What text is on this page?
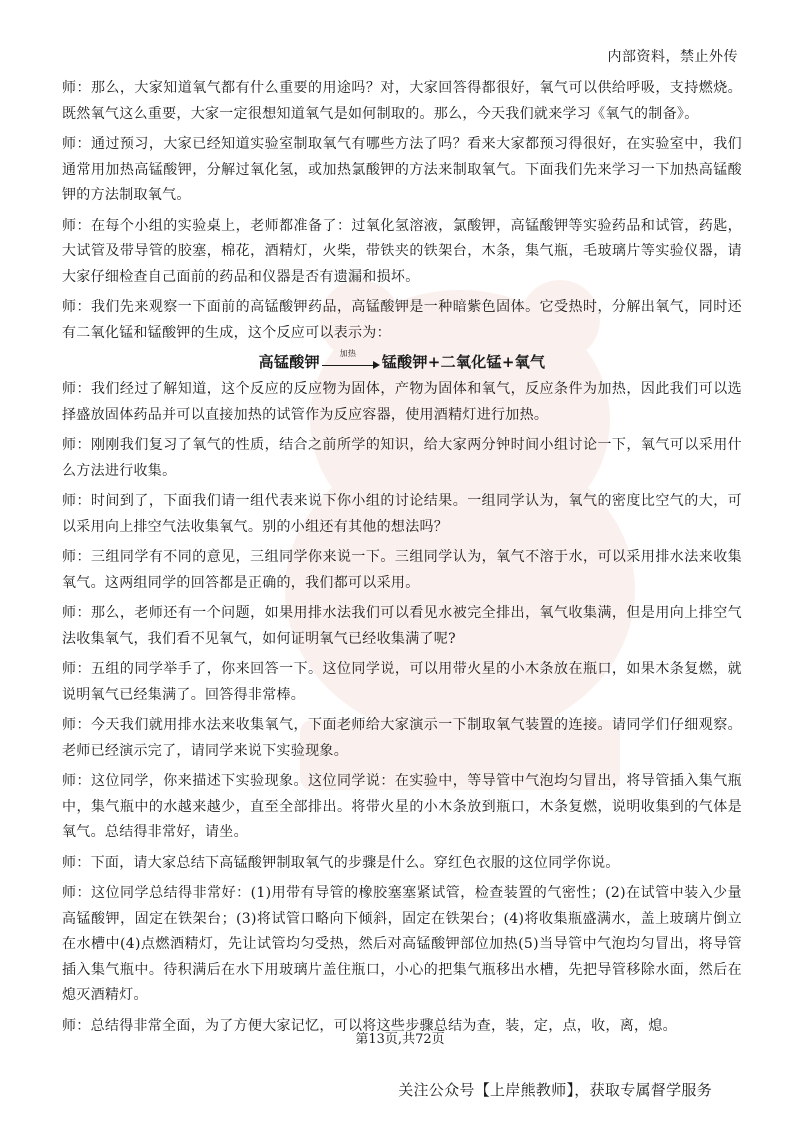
内部资料，禁止外传

师：那么，大家知道氧气都有什么重要的用途吗？对，大家回答得都很好，氧气可以供给呼吸，支持燃烧。既然氧气这么重要，大家一定很想知道氧气是如何制取的。那么，今天我们就来学习《氧气的制备》。

师：通过预习，大家已经知道实验室制取氧气有哪些方法了吗？看来大家都预习得很好，在实验室中，我们通常用加热高锰酸钾，分解过氧化氢，或加热氯酸钾的方法来制取氧气。下面我们先来学习一下加热高锰酸钾的方法制取氧气。

师：在每个小组的实验桌上，老师都准备了：过氧化氢溶液，氯酸钾，高锰酸钾等实验药品和试管，药匙，大试管及带导管的胶塞，棉花，酒精灯，火柴，带铁夹的铁架台，木条，集气瓶，毛玻璃片等实验仪器，请大家仔细检查自己面前的药品和仪器是否有遗漏和损坏。

师：我们先来观察一下面前的高锰酸钾药品，高锰酸钾是一种暗紫色固体。它受热时，分解出氧气，同时还有二氧化锰和锰酸钾的生成，这个反应可以表示为：

高锰酸钾	加热	锰酸钾+二氧化锰+氧气

师：我们经过了解知道，这个反应的反应物为固体，产物为固体和氧气，反应条件为加热，因此我们可以选择盛放固体药品并可以直接加热的试管作为反应容器，使用酒精灯进行加热。

师：刚刚我们复习了氧气的性质，结合之前所学的知识，给大家两分钟时间小组讨论一下，氧气可以采用什么方法进行收集。

师：时间到了，下面我们请一组代表来说下你小组的讨论结果。一组同学认为，氧气的密度比空气的大，可以采用向上排空气法收集氧气。别的小组还有其他的想法吗？

师：三组同学有不同的意见，三组同学你来说一下。三组同学认为，氧气不溶于水，可以采用排水法来收集氧气。这两组同学的回答都是正确的，我们都可以采用。

师：那么，老师还有一个问题，如果用排水法我们可以看见水被完全排出，氧气收集满，但是用向上排空气法收集氧气，我们看不见氧气，如何证明氧气已经收集满了呢?

师：五组的同学举手了，你来回答一下。这位同学说，可以用带火星的小木条放在瓶口，如果木条复燃，就说明氧气已经集满了。回答得非常棒。

师：今天我们就用排水法来收集氧气，下面老师给大家演示一下制取氧气装置的连接。请同学们仔细观察。老师已经演示完了，请同学来说下实验现象。

师：这位同学，你来描述下实验现象。这位同学说：在实验中，等导管中气泡均匀冒出，将导管插入集气瓶中，集气瓶中的水越来越少，直至全部排出。将带火星的小木条放到瓶口，木条复燃，说明收集到的气体是氧气。总结得非常好，请坐。

师：下面，请大家总结下高锰酸钾制取氧气的步骤是什么。穿红色衣服的这位同学你说。

师：这位同学总结得非常好：(1)用带有导管的橡胶塞塞紧试管，检查装置的气密性；(2)在试管中装入少量高锰酸钾，固定在铁架台；(3)将试管口略向下倾斜，固定在铁架台；(4)将收集瓶盛满水，盖上玻璃片倒立在水槽中(4)点燃酒精灯，先让试管均匀受热，然后对高锰酸钾部位加热(5)当导管中气泡均匀冒出，将导管插入集气瓶中。待积满后在水下用玻璃片盖住瓶口，小心的把集气瓶移出水槽，先把导管移除水面，然后在熄灭酒精灯。

师：总结得非常全面，为了方便大家记忆，可以将这些步骤总结为查，装，定，点，收，离，熄。

第13页,共72页
关注公众号【上岸熊教师】，获取专属督学服务
